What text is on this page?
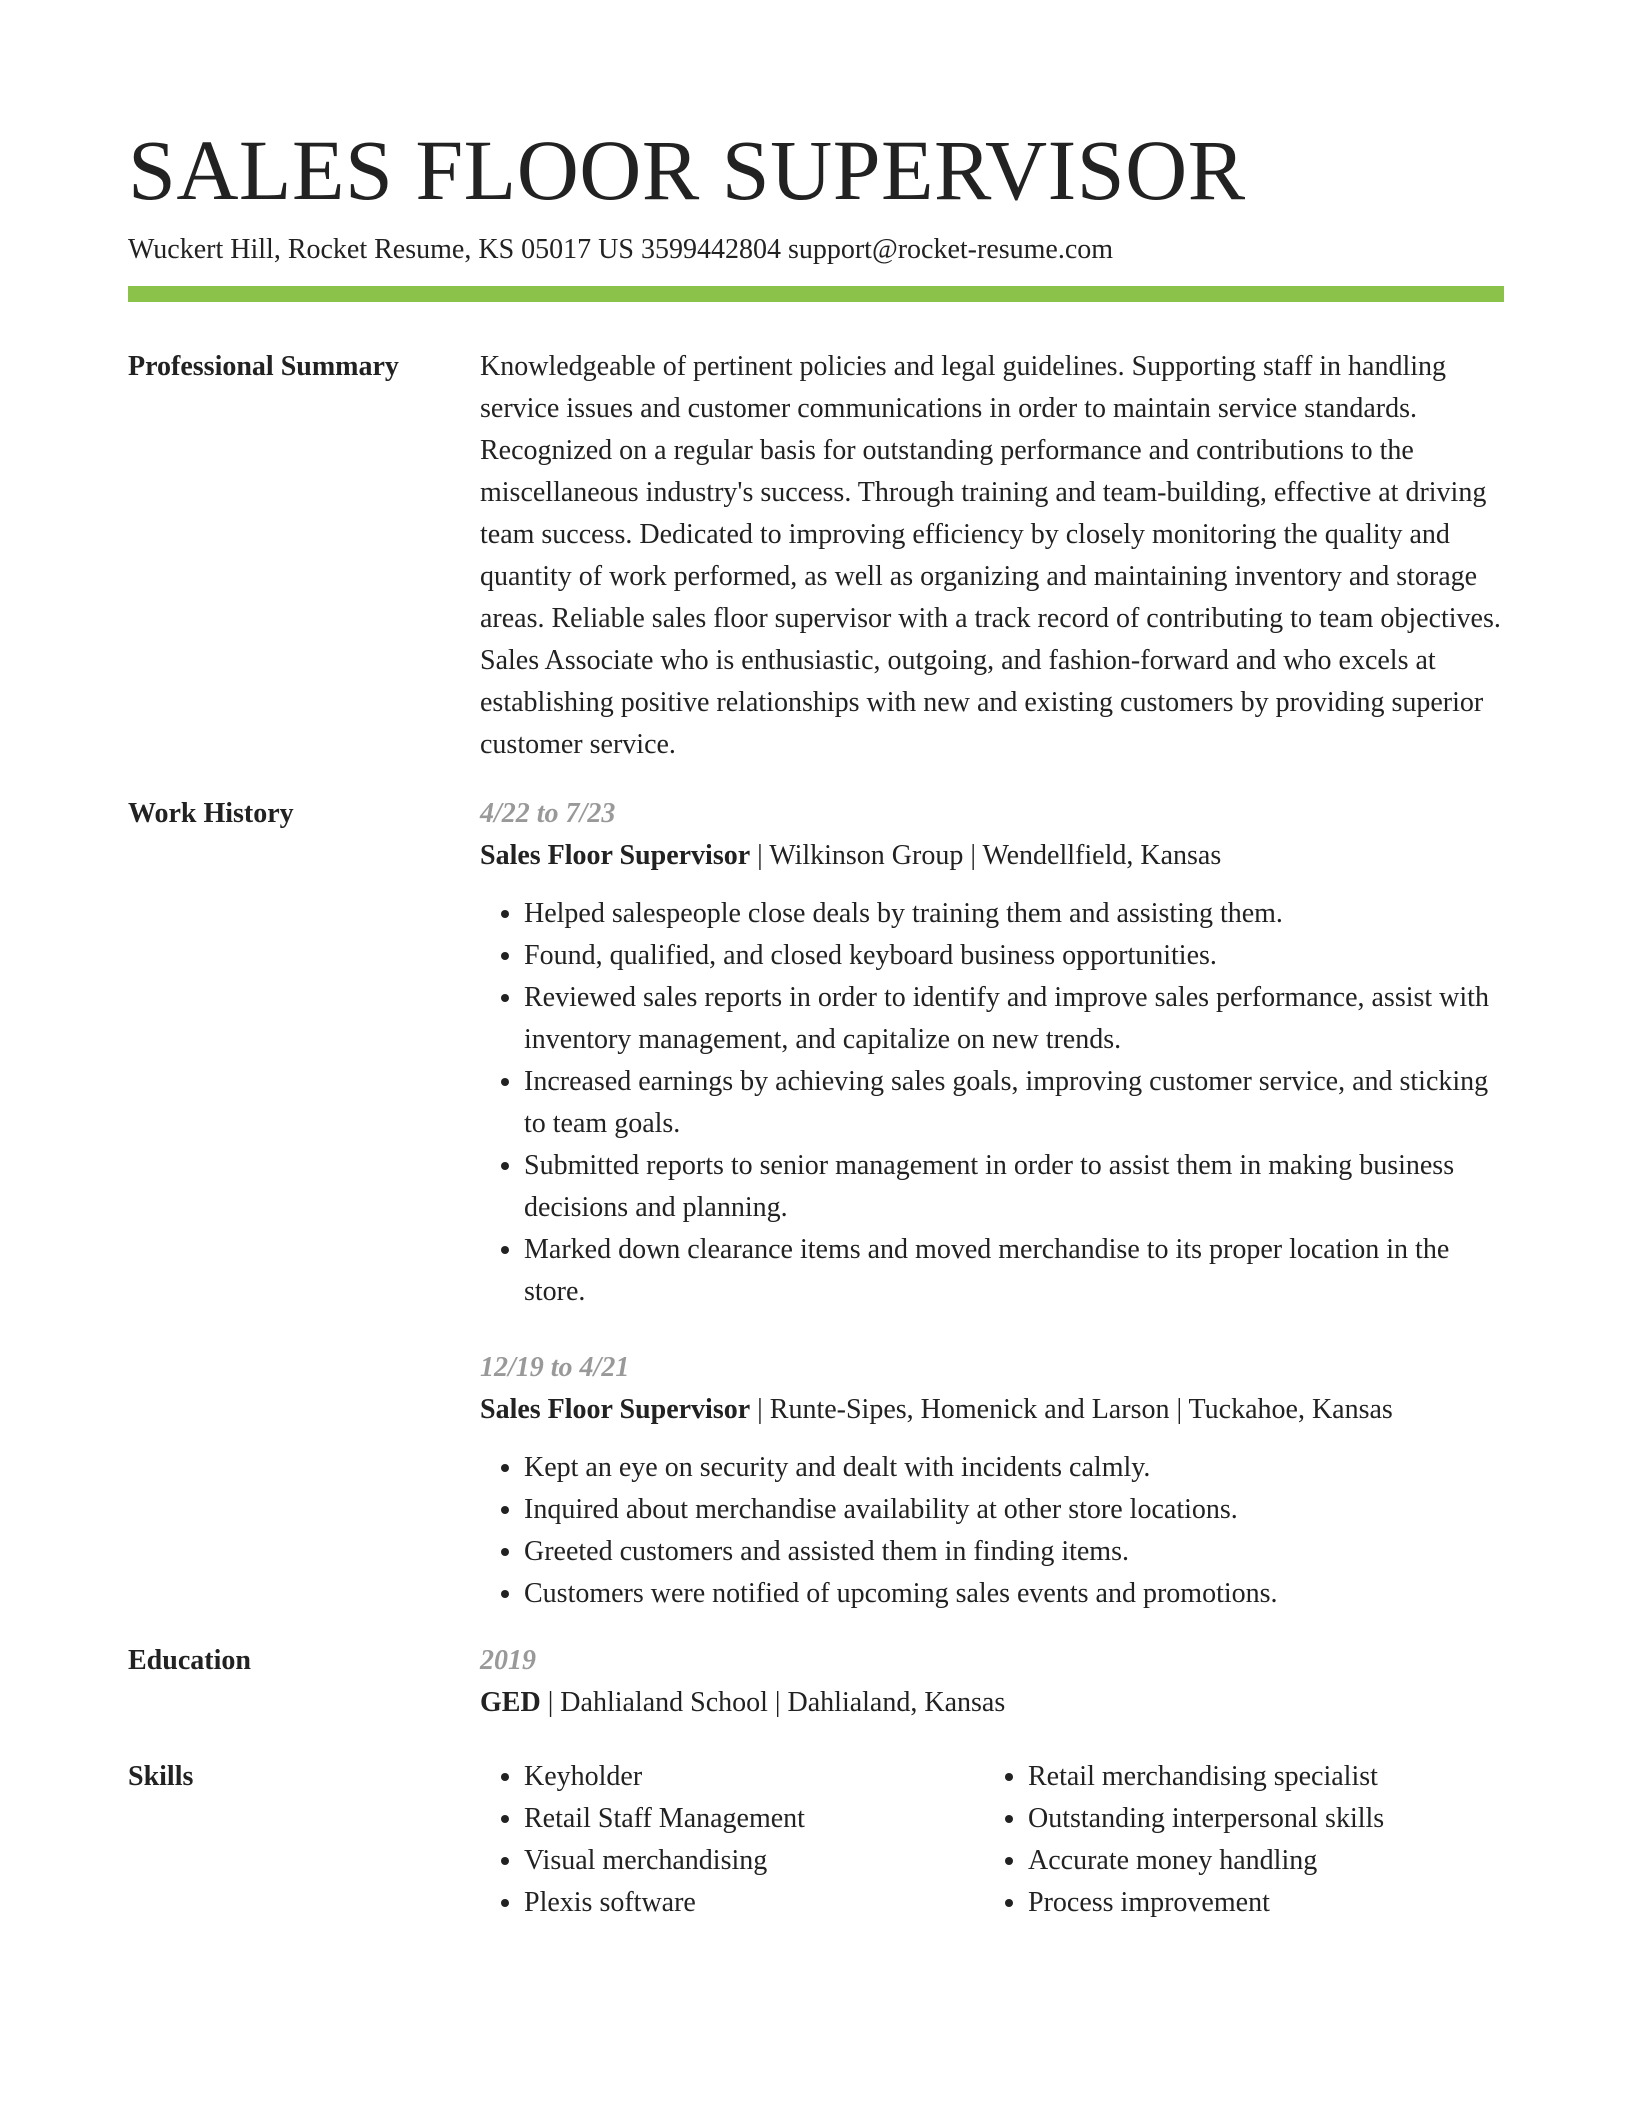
SALES FLOOR SUPERVISOR
Wuckert Hill, Rocket Resume, KS 05017 US 3599442804 support@rocket-resume.com
Professional Summary	Knowledgeable of pertinent policies and legal guidelines. Supporting staff in handling service issues and customer communications in order to maintain service standards. Recognized on a regular basis for outstanding performance and contributions to the miscellaneous industry's success. Through training and team-building, effective at driving team success. Dedicated to improving efficiency by closely monitoring the quality and quantity of work performed, as well as organizing and maintaining inventory and storage areas. Reliable sales floor supervisor with a track record of contributing to team objectives. Sales Associate who is enthusiastic, outgoing, and fashion-forward and who excels at establishing positive relationships with new and existing customers by providing superior customer service.

Work History	4/22 to 7/23
Sales Floor Supervisor | Wilkinson Group | Wendellfield, Kansas
• Helped salespeople close deals by training them and assisting them.
• Found, qualified, and closed keyboard business opportunities.
• Reviewed sales reports in order to identify and improve sales performance, assist with inventory management, and capitalize on new trends.
• Increased earnings by achieving sales goals, improving customer service, and sticking to team goals.
• Submitted reports to senior management in order to assist them in making business decisions and planning.
• Marked down clearance items and moved merchandise to its proper location in the store.
12/19 to 4/21
Sales Floor Supervisor | Runte-Sipes, Homenick and Larson | Tuckahoe, Kansas
• Kept an eye on security and dealt with incidents calmly.
• Inquired about merchandise availability at other store locations.
• Greeted customers and assisted them in finding items.
• Customers were notified of upcoming sales events and promotions.
Education	2019
GED | Dahlialand School | Dahlialand, Kansas
Skills
•	Keyholder
• Retail Staff Management
• Visual merchandising
• Plexis software
• Retail merchandising specialist
• Outstanding interpersonal skills
• Accurate money handling
• Process improvement
